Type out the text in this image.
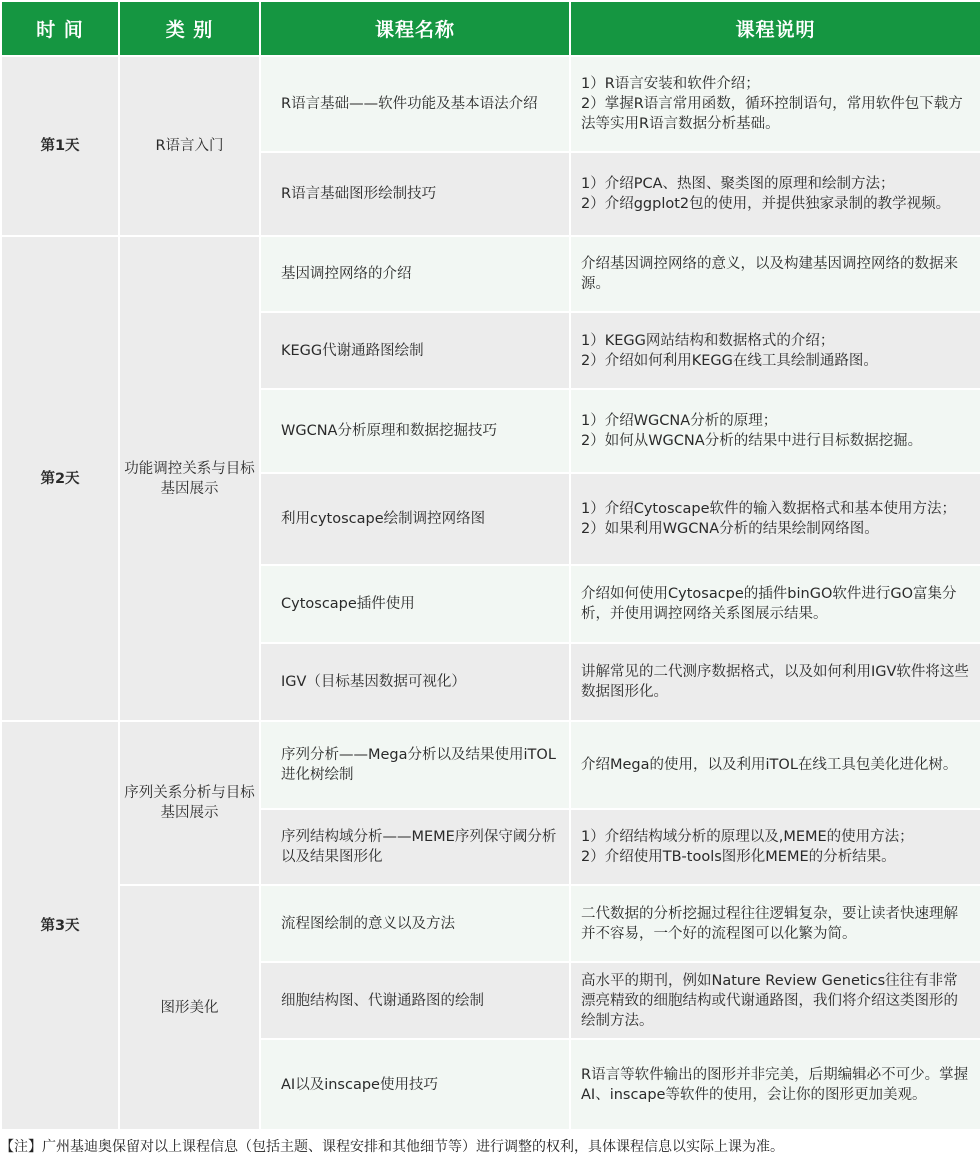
时 间	类 别	课程名称	课程说明
第1天	R语言入门	R语言基础——软件功能及基本语法介绍	1）R语言安装和软件介绍；
2）掌握R语言常用函数，循环控制语句，常用软件包下载方法等实用R语言数据分析基础。

		R语言基础图形绘制技巧	1）介绍PCA、热图、聚类图的原理和绘制方法；
2）介绍ggplot2包的使用，并提供独家录制的教学视频。

第2天	功能调控关系与目标基因展示	基因调控网络的介绍	介绍基因调控网络的意义，以及构建基因调控网络的数据来源。

		KEGG代谢通路图绘制	1）KEGG网站结构和数据格式的介绍；
2）介绍如何利用KEGG在线工具绘制通路图。

		WGCNA分析原理和数据挖掘技巧	1）介绍WGCNA分析的原理；
2）如何从WGCNA分析的结果中进行目标数据挖掘。

		利用cytoscape绘制调控网络图	1）介绍Cytoscape软件的输入数据格式和基本使用方法；
2）如果利用WGCNA分析的结果绘制网络图。

		Cytoscape插件使用	介绍如何使用Cytosacpe的插件binGO软件进行GO富集分析，并使用调控网络关系图展示结果。

		IGV（目标基因数据可视化）	讲解常见的二代测序数据格式，以及如何利用IGV软件将这些数据图形化。

第3天	序列关系分析与目标基因展示	序列分析——Mega分析以及结果使用iTOL进化树绘制	介绍Mega的使用，以及利用iTOL在线工具包美化进化树。

		序列结构域分析——MEME序列保守阈分析以及结果图形化	1）介绍结构域分析的原理以及,MEME的使用方法；
2）介绍使用TB-tools图形化MEME的分析结果。

	图形美化	流程图绘制的意义以及方法	二代数据的分析挖掘过程往往逻辑复杂，要让读者快速理解并不容易，一个好的流程图可以化繁为简。

		细胞结构图、代谢通路图的绘制	高水平的期刊，例如Nature Review Genetics往往有非常漂亮精致的细胞结构或代谢通路图，我们将介绍这类图形的绘制方法。

		AI以及inscape使用技巧	R语言等软件输出的图形并非完美，后期编辑必不可少。掌握AI、inscape等软件的使用，会让你的图形更加美观。
【注】广州基迪奥保留对以上课程信息（包括主题、课程安排和其他细节等）进行调整的权利，具体课程信息以实际上课为准。
